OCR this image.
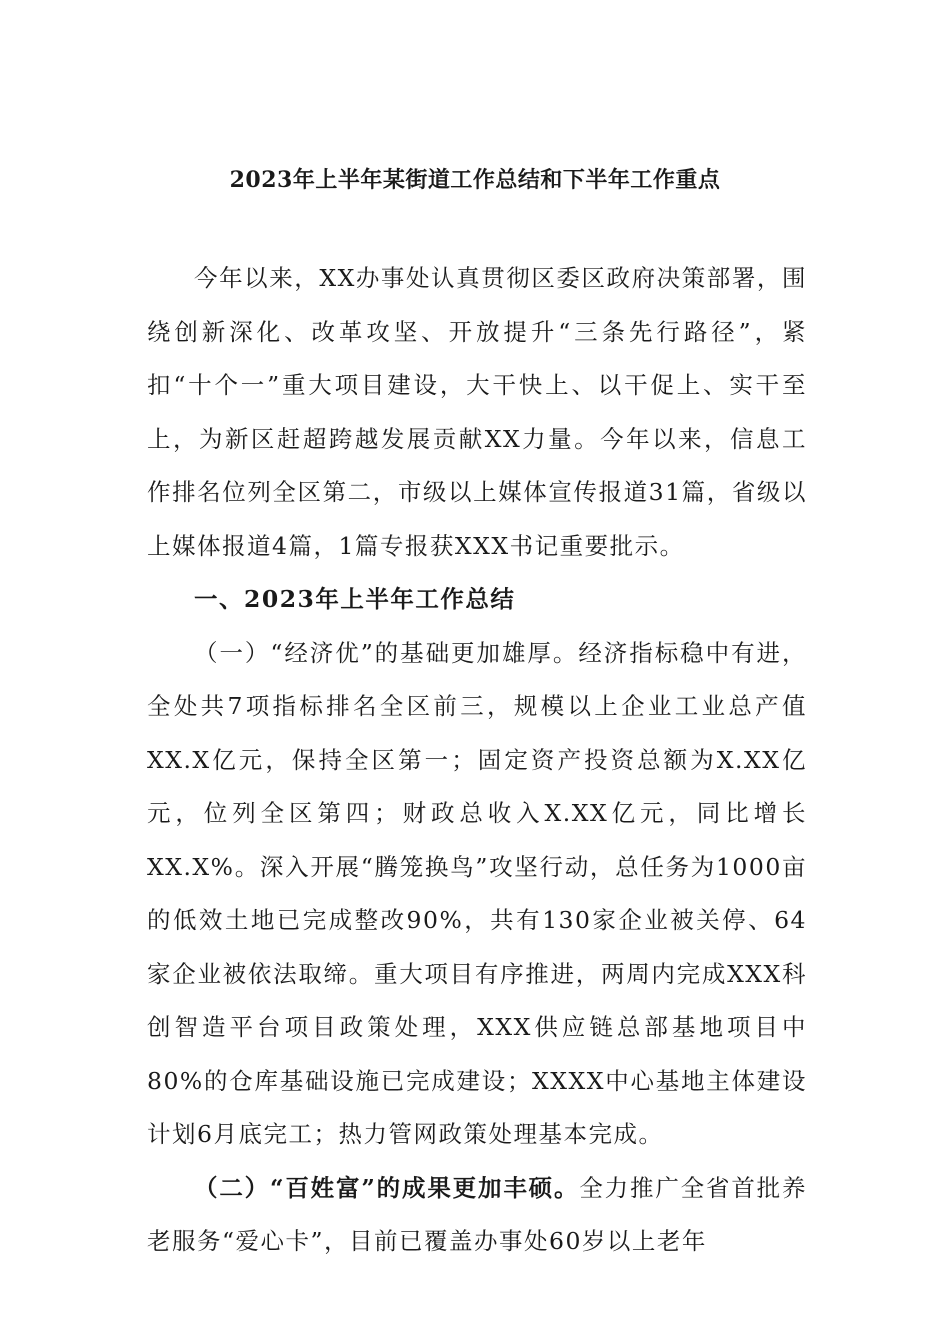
2023年上半年某街道工作总结和下半年工作重点

今年以来，XX办事处认真贯彻区委区政府决策部署，围绕创新深化、改革攻坚、开放提升“三条先行路径”，紧扣“十个一”重大项目建设，大干快上、以干促上、实干至上，为新区赶超跨越发展贡献XX力量。今年以来，信息工作排名位列全区第二，市级以上媒体宣传报道31篇，省级以上媒体报道4篇，1篇专报获XXX书记重要批示。

一、2023年上半年工作总结

（一）“经济优”的基础更加雄厚。经济指标稳中有进，全处共7项指标排名全区前三，规模以上企业工业总产值XX.X亿元，保持全区第一；固定资产投资总额为X.XX亿元，位列全区第四；财政总收入X.XX亿元，同比增长XX.X%。深入开展“腾笼换鸟”攻坚行动，总任务为1000亩的低效土地已完成整改90%，共有130家企业被关停、64家企业被依法取缔。重大项目有序推进，两周内完成XXX科创智造平台项目政策处理，XXX供应链总部基地项目中80%的仓库基础设施已完成建设；XXXX中心基地主体建设计划6月底完工；热力管网政策处理基本完成。

（二）“百姓富”的成果更加丰硕。全力推广全省首批养老服务“爱心卡”，目前已覆盖办事处60岁以上老年
